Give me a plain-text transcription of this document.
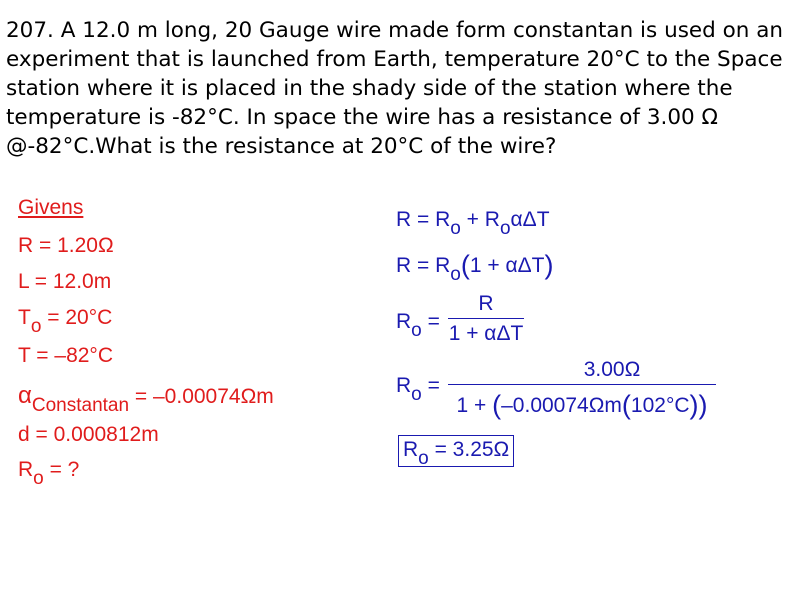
207. A 12.0 m long, 20 Gauge wire made form constantan is used on an experiment that is launched from Earth, temperature 20°C to the Space station where it is placed in the shady side of the station where the temperature is -82°C. In space the wire has a resistance of 3.00 Ω @-82°C.What is the resistance at 20°C of the wire?

Givens
R = 1.20Ω
L = 12.0m
To = 20°C
T = –82°C
αConstantan = –0.00074Ωm
d = 0.000812m
Ro = ?
R = Ro + RoαΔT
R = Ro(1 + αΔT)
Ro =
R
1 + αΔT
Ro =
3.00Ω
1 + (–0.00074Ωm(102°C))
Ro = 3.25Ω
